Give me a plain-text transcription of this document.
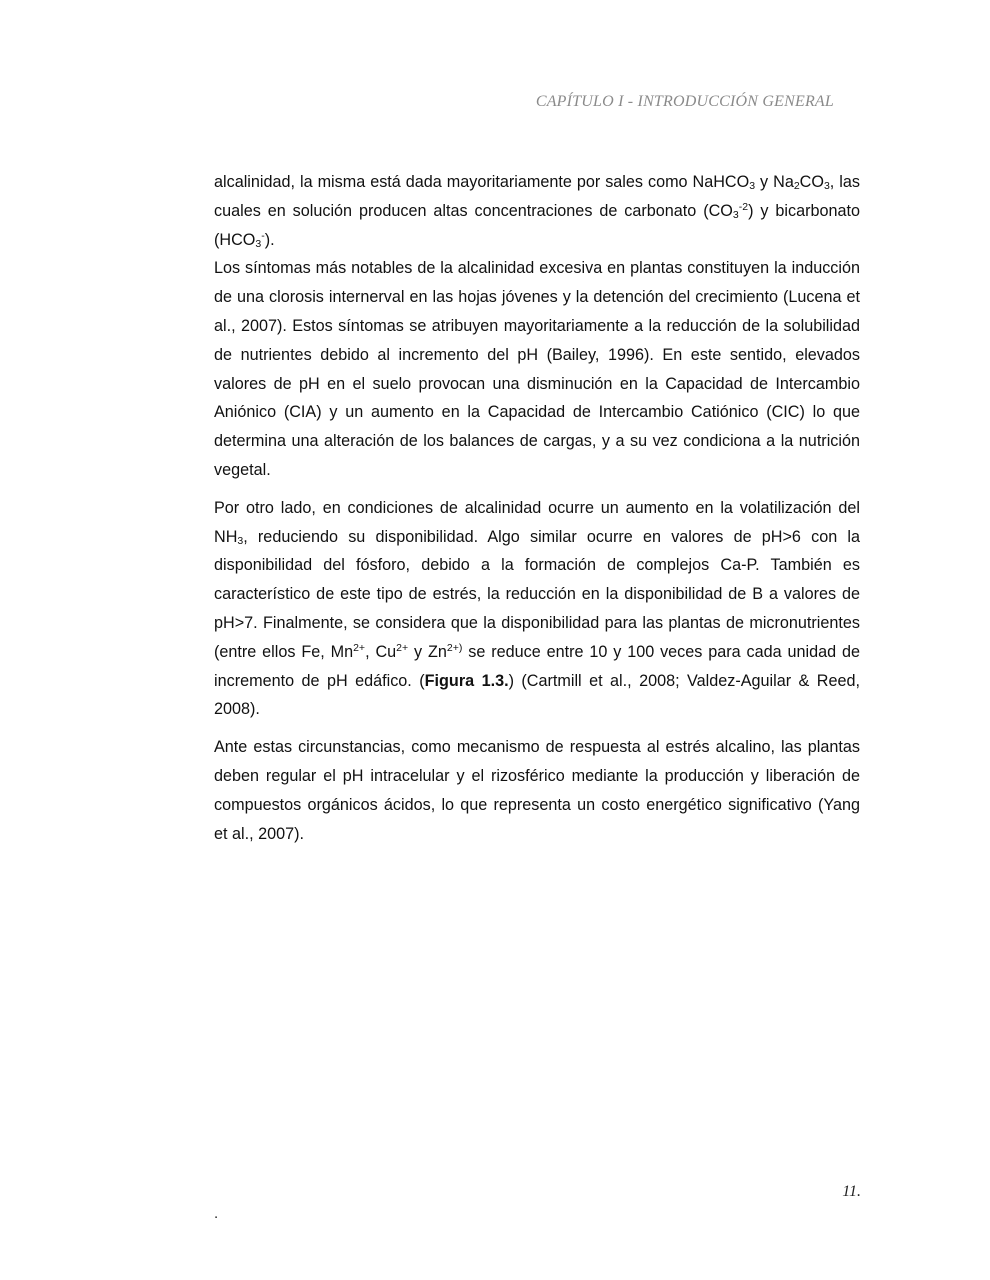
CAPÍTULO I - INTRODUCCIÓN GENERAL

alcalinidad, la misma está dada mayoritariamente por sales como NaHCO$_3$ y $Na_2CO_3$, las cuales en solución producen altas concentraciones de carbonato $(CO_3^{-2})$ y bicarbonato $(HCO_3^-)$.

Los síntomas más notables de la alcalinidad excesiva en plantas constituyen la inducción de una clorosis internerval en las hojas jóvenes y la detención del crecimiento (Lucena et al., 2007). Estos síntomas se atribuyen mayoritariamente a la reducción de la solubilidad de nutrientes debido al incremento del pH (Bailey, 1996). En este sentido, elevados valores de pH en el suelo provocan una disminución en la Capacidad de Intercambio Aniónico (CIA) y un aumento en la Capacidad de Intercambio Catiónico (CIC) lo que determina una alteración de los balances de cargas, y a su vez condiciona a la nutrición vegetal.

Por otro lado, en condiciones de alcalinidad ocurre un aumento en la volatilización del $NH_3$, reduciendo su disponibilidad. Algo similar ocurre en valores de pH>6 con la disponibilidad del fósforo, debido a la formación de complejos Ca-P. También es característico de este tipo de estrés, la reducción en la disponibilidad de B a valores de pH>7. Finalmente, se considera que la disponibilidad para las plantas de micronutrientes (entre ellos Fe, $Mn^{2+}$, $Cu^{2+}$ y $Zn^{2+)}$ se reduce entre 10 y 100 veces para cada unidad de incremento de pH edáfico. (Figura 1.3.) (Cartmill et al., 2008; Valdez-Aguilar & Reed, 2008).

Ante estas circunstancias, como mecanismo de respuesta al estrés alcalino, las plantas deben regular el pH intracelular y el rizosférico mediante la producción y liberación de compuestos orgánicos ácidos, lo que representa un costo energético significativo (Yang et al., 2007).

11.
.
